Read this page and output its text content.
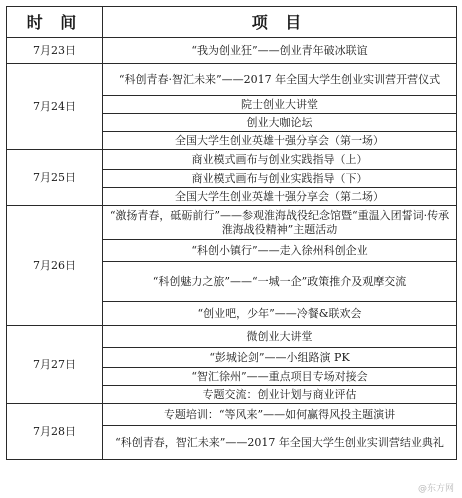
时 间	项 目
7月23日	“我为创业狂”——创业青年破冰联谊
7月24日	“科创青春·智汇未来”——2017 年全国大学生创业实训营开营仪式
	院士创业大讲堂
	创业大咖论坛
	全国大学生创业英雄十强分享会（第一场）
7月25日	商业模式画布与创业实践指导（上）
	商业模式画布与创业实践指导（下）
	全国大学生创业英雄十强分享会（第二场）
7月26日	“激扬青春，砥砺前行”——参观淮海战役纪念馆暨“重温入团誓词·传承淮海战役精神”主题活动
	“科创小镇行”——走入徐州科创企业
	“科创魅力之旅”——“一城一企”政策推介及观摩交流
	“创业吧，少年”——冷餐&联欢会
7月27日	微创业大讲堂
	“彭城论剑”——小组路演 PK
	“智汇徐州”——重点项目专场对接会
	专题交流：创业计划与商业评估
7月28日	专题培训：“等风来”——如何赢得风投主题演讲
	“科创青春，智汇未来”——2017 年全国大学生创业实训营结业典礼
@东方网
